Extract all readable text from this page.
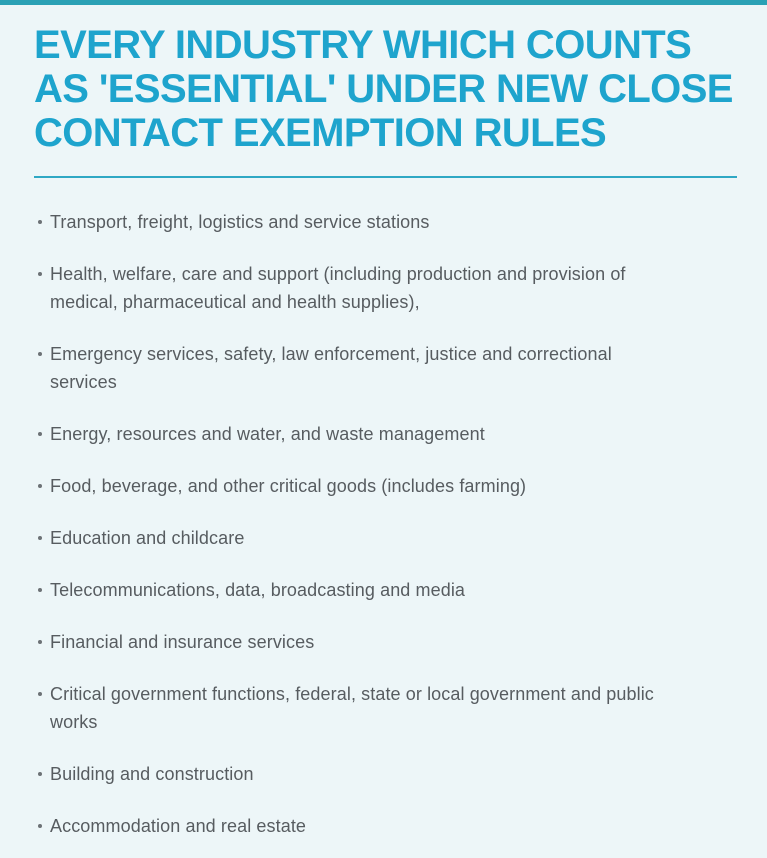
EVERY INDUSTRY WHICH COUNTS
AS 'ESSENTIAL' UNDER NEW CLOSE
CONTACT EXEMPTION RULES
Transport, freight, logistics and service stations
Health, welfare, care and support (including production and provision of
medical, pharmaceutical and health supplies),
Emergency services, safety, law enforcement, justice and correctional
services
Energy, resources and water, and waste management
Food, beverage, and other critical goods (includes farming)
Education and childcare
Telecommunications, data, broadcasting and media
Financial and insurance services
Critical government functions, federal, state or local government and public
works
Building and construction
Accommodation and real estate
